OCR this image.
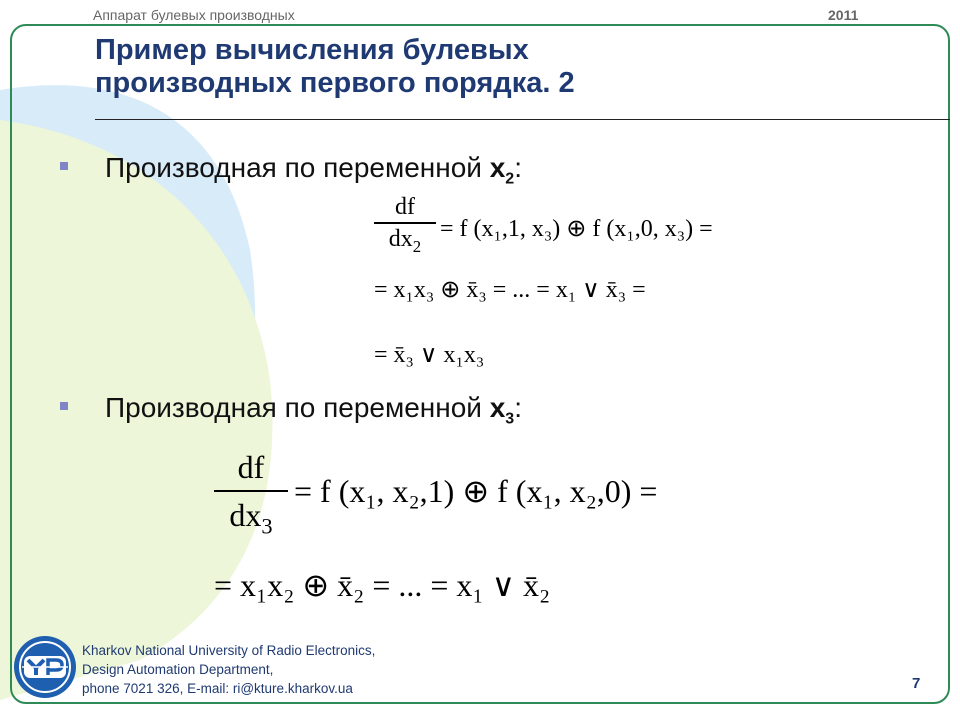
Аппарат булевых производных	2011
Пример вычисления булевых
производных первого порядка. 2
Производная по переменной $x_2$:
$\frac{df}{dx_2} = f$ (x₁,1, x₃) ⊕ f (x₁,0, x₃) =
= x₁x₃ ⊕ x̄₃ = ... = x₁ ∨ x̄₃ =
= x̄₃ ∨ x₁x₃
Производная по переменной $x_3$:
$\frac{df}{dx_3} = f$ (x₁, x₂,1) ⊕ f (x₁, x₂,0) =
= x₁x₂ ⊕ x̄₂ = ... = x₁ ∨ x̄₂
Kharkov National University of Radio Electronics,
Design Automation Department,
phone 7021 326, E-mail: ri@kture.kharkov.ua	7
